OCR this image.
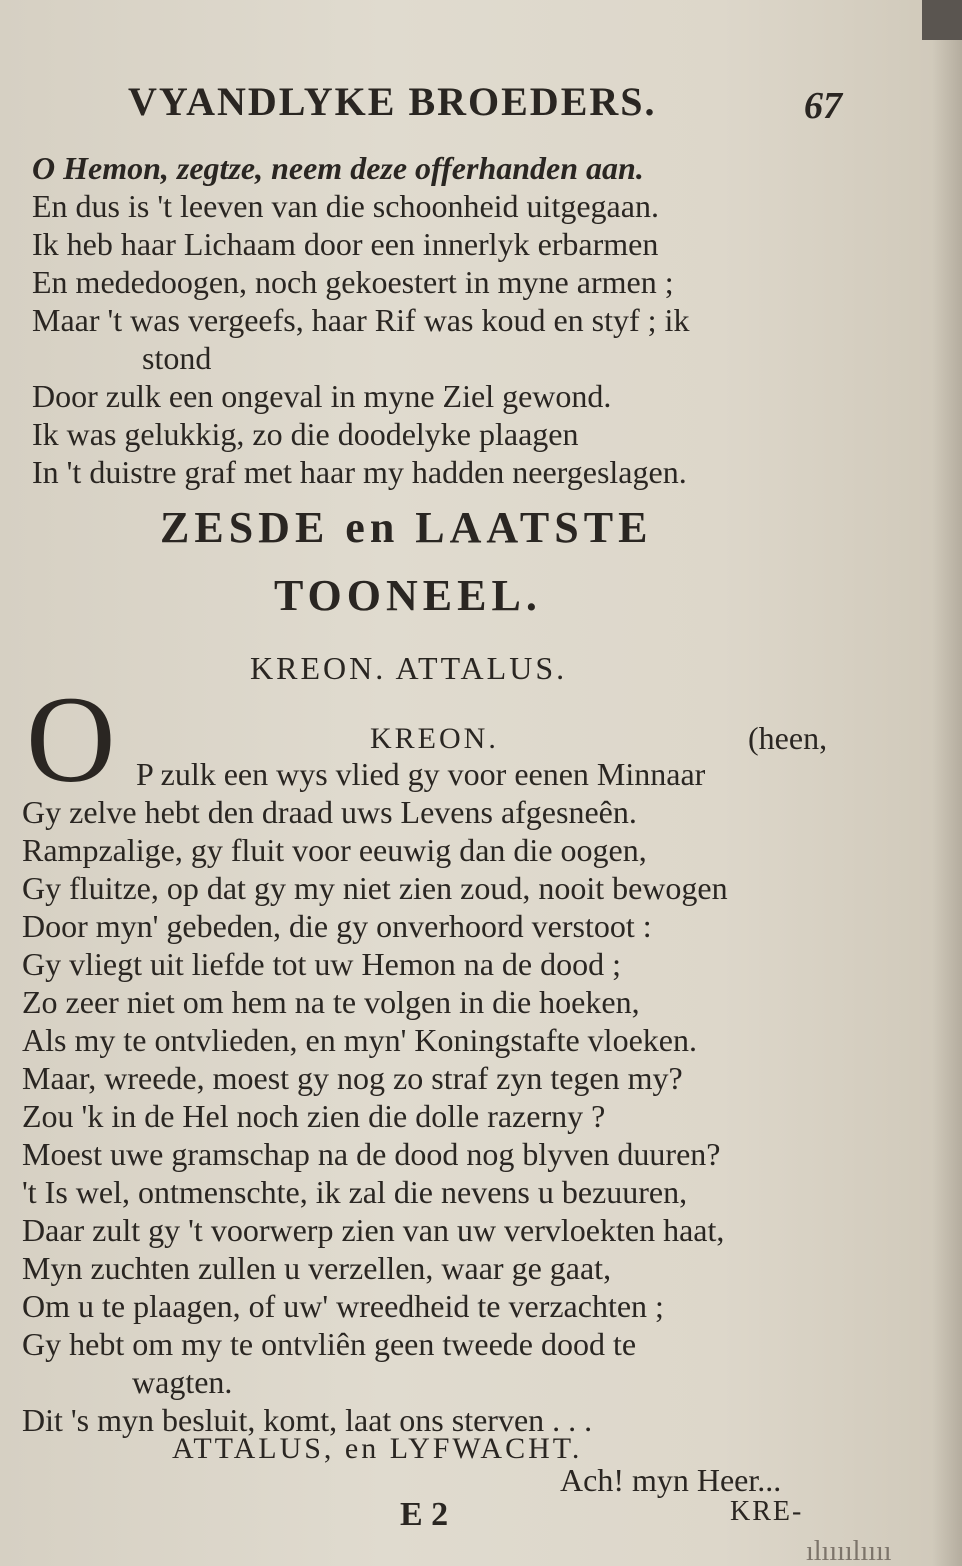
VYANDLYKE BROEDERS.	67
O Hemon, zegtze, neem deze offerhanden aan.
En dus is 't leeven van die schoonheid uitgegaan.
Ik heb haar Lichaam door een innerlyk erbarmen
En mededoogen, noch gekoestert in myne armen ;
Maar 't was vergeefs, haar Rif was koud en styf ; ik
stond
Door zulk een ongeval in myne Ziel gewond.
Ik was gelukkig, zo die doodelyke plaagen
In 't duistre graf met haar my hadden neergeslagen.
ZESDE en LAATSTE
TOONEEL.
KREON. ATTALUS.
O	KREON.	(heen,
P zulk een wys vlied gy voor eenen Minnaar
Gy zelve hebt den draad uws Levens afgesneên.
Rampzalige, gy fluit voor eeuwig dan die oogen,
Gy fluitze, op dat gy my niet zien zoud, nooit bewogen
Door myn' gebeden, die gy onverhoord verstoot :
Gy vliegt uit liefde tot uw Hemon na de dood ;
Zo zeer niet om hem na te volgen in die hoeken,
Als my te ontvlieden, en myn' Koningstafte vloeken.
Maar, wreede, moest gy nog zo straf zyn tegen my?
Zou 'k in de Hel noch zien die dolle razerny ?
Moest uwe gramschap na de dood nog blyven duuren?
't Is wel, ontmenschte, ik zal die nevens u bezuuren,
Daar zult gy 't voorwerp zien van uw vervloekten haat,
Myn zuchten zullen u verzellen, waar ge gaat,
Om u te plaagen, of uw' wreedheid te verzachten ;
Gy hebt om my te ontvliên geen tweede dood te
wagten.
Dit 's myn besluit, komt, laat ons sterven . . .
ATTALUS, en LYFWACHT.
Ach! myn Heer...
E 2	KRE-
ılıııılıııı
